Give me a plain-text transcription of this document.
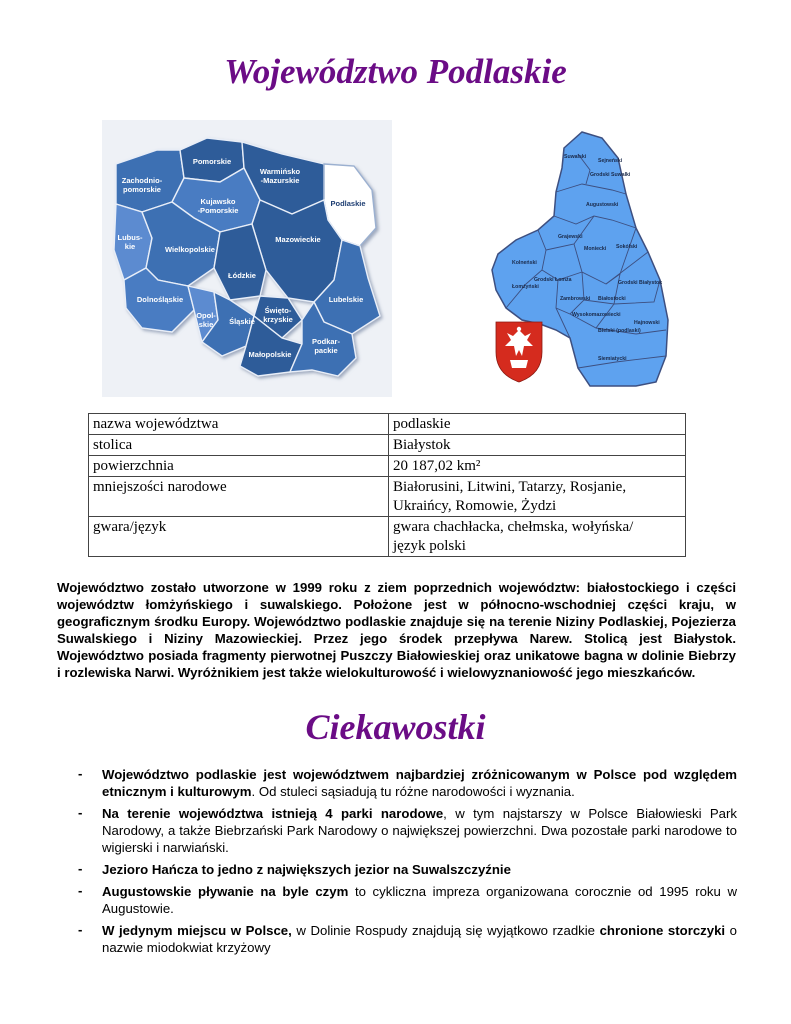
Województwo Podlaskie
Pomorskie
Warmińsko
-Mazurskie
Zachodnio-
pomorskie
Kujawsko
-Pomorskie
Podlaskie
Lubus-
kie	Wielkopolskie
Mazowieckie
Łódzkie
Lubelskie
Dolnośląskie
Opol-
skie Śląskie
Święto-
krzyskie
Małopolskie
Podkar-
packie
Suwalski
Sejneński
Grodski Suwalki
Augustowski
Grajewski
Moniecki Sokólski
Kolneński
Łomżyński
Grodski Łomża
Zambrowski
Grodski Białystok
Białostocki
Wysokomazowiecki
Bielski (podlaski)
Hajnowski
Siemiatycki
nazwa województwa	podlaskie
stolica	Białystok
powierzchnia	20 187,02 km²
mniejszości narodowe	Białorusini, Litwini, Tatarzy, Rosjanie,
Ukraińcy, Romowie, Żydzi

gwara/język	gwara chachłacka, chełmska, wołyńska/
język polski

Województwo zostało utworzone w 1999 roku z ziem poprzednich województw: białostockiego i części województw łomżyńskiego i suwalskiego. Położone jest w północno-wschodniej części kraju, w geograficznym środku Europy. Województwo podlaskie znajduje się na terenie Niziny Podlaskiej, Pojezierza Suwalskiego i Niziny Mazowieckiej. Przez jego środek przepływa Narew. Stolicą jest Białystok. Województwo posiada fragmenty pierwotnej Puszczy Białowieskiej oraz unikatowe bagna w dolinie Biebrzy i rozlewiska Narwi. Wyróżnikiem jest także wielokulturowość i wielowyznaniowość jego mieszkańców.

Ciekawostki
- Województwo podlaskie jest województwem najbardziej zróżnicowanym w Polsce pod względem etnicznym i kulturowym. Od stuleci sąsiadują tu różne narodowości i wyznania.
- Na terenie województwa istnieją 4 parki narodowe, w tym najstarszy w Polsce Białowieski Park Narodowy, a także Biebrzański Park Narodowy o największej powierzchni. Dwa pozostałe parki narodowe to wigierski i narwiański.
- Jezioro Hańcza to jedno z największych jezior na Suwalszczyźnie
- Augustowskie pływanie na byle czym to cykliczna impreza organizowana corocznie od 1995 roku w Augustowie.
- W jedynym miejscu w Polsce, w Dolinie Rospudy znajdują się wyjątkowo rzadkie chronione storczyki o nazwie miodokwiat krzyżowy
